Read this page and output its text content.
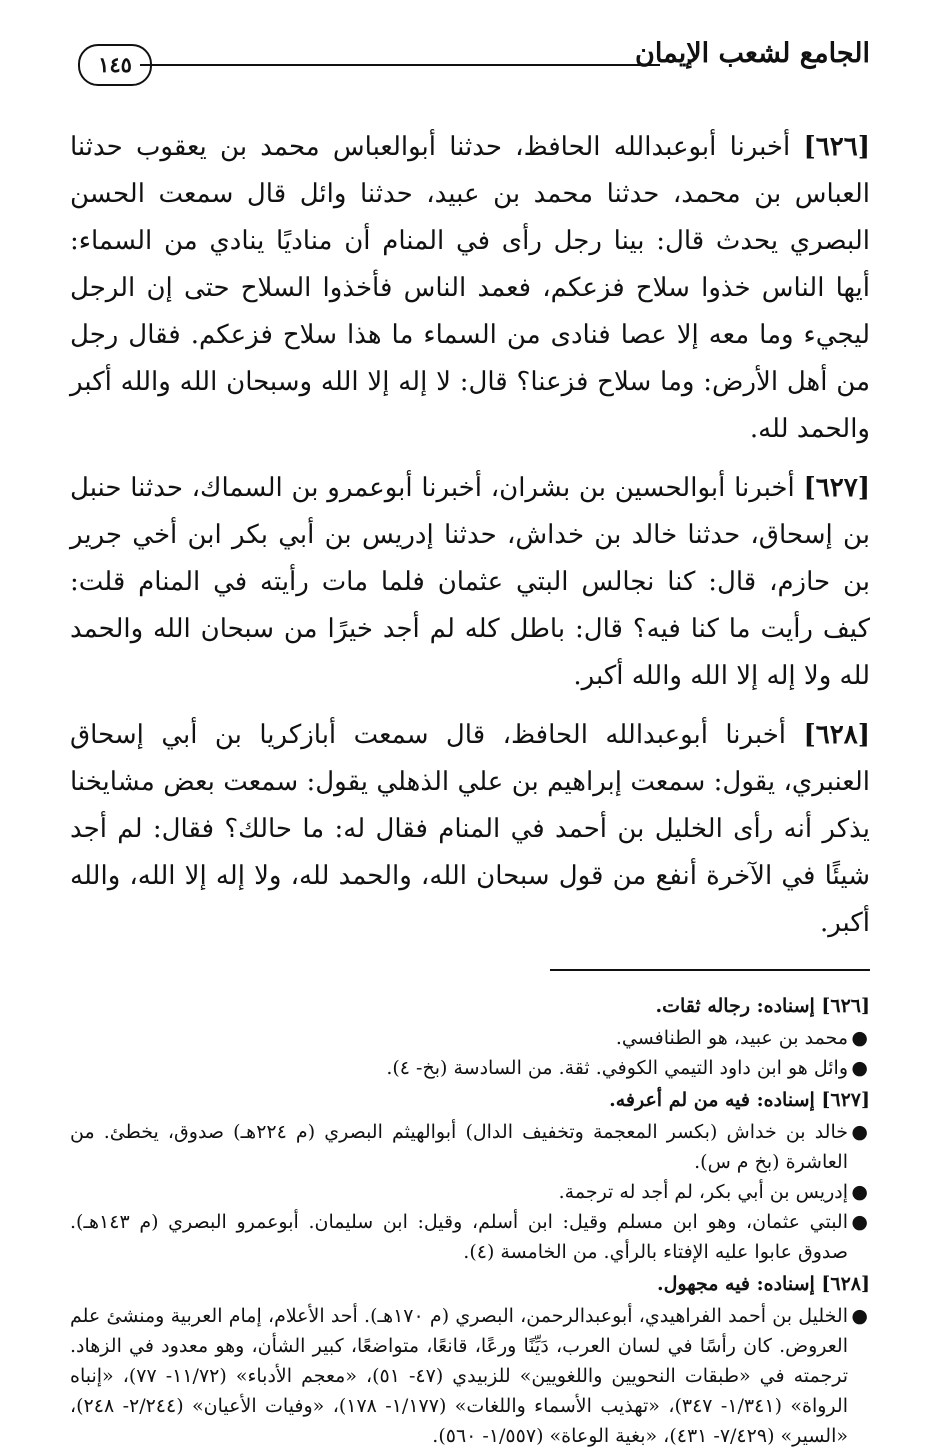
الجامع لشعب الإيمان
١٤٥

[٦٢٦] أخبرنا أبوعبدالله الحافظ، حدثنا أبوالعباس محمد بن يعقوب حدثنا العباس بن محمد، حدثنا محمد بن عبيد، حدثنا وائل قال سمعت الحسن البصري يحدث قال: بينا رجل رأى في المنام أن مناديًا ينادي من السماء: أيها الناس خذوا سلاح فزعكم، فعمد الناس فأخذوا السلاح حتى إن الرجل ليجيء وما معه إلا عصا فنادى من السماء ما هذا سلاح فزعكم. فقال رجل من أهل الأرض: وما سلاح فزعنا؟ قال: لا إله إلا الله وسبحان الله والله أكبر والحمد لله.

[٦٢٧] أخبرنا أبوالحسين بن بشران، أخبرنا أبوعمرو بن السماك، حدثنا حنبل بن إسحاق، حدثنا خالد بن خداش، حدثنا إدريس بن أبي بكر ابن أخي جرير بن حازم، قال: كنا نجالس البتي عثمان فلما مات رأيته في المنام قلت: كيف رأيت ما كنا فيه؟ قال: باطل كله لم أجد خيرًا من سبحان الله والحمد لله ولا إله إلا الله والله أكبر.

[٦٢٨] أخبرنا أبوعبدالله الحافظ، قال سمعت أبازكريا بن أبي إسحاق العنبري، يقول: سمعت إبراهيم بن علي الذهلي يقول: سمعت بعض مشايخنا يذكر أنه رأى الخليل بن أحمد في المنام فقال له: ما حالك؟ فقال: لم أجد شيئًا في الآخرة أنفع من قول سبحان الله، والحمد لله، ولا إله إلا الله، والله أكبر.

[٦٢٦] إسناده: رجاله ثقات.

●
محمد بن عبيد، هو الطنافسي.

●
وائل هو ابن داود التيمي الكوفي. ثقة. من السادسة (بخ- ٤).

[٦٢٧] إسناده: فيه من لم أعرفه.

●
خالد بن خداش (بكسر المعجمة وتخفيف الدال) أبوالهيثم البصري (م ٢٢٤هـ) صدوق، يخطئ. من العاشرة (بخ م س).

●
إدريس بن أبي بكر، لم أجد له ترجمة.

●
البتي عثمان، وهو ابن مسلم وقيل: ابن أسلم، وقيل: ابن سليمان. أبوعمرو البصري (م ١٤٣هـ). صدوق عابوا عليه الإفتاء بالرأي. من الخامسة (٤).

[٦٢٨] إسناده: فيه مجهول.

●
الخليل بن أحمد الفراهيدي، أبوعبدالرحمن، البصري (م ١٧٠هـ). أحد الأعلام، إمام العربية ومنشئ علم العروض. كان رأسًا في لسان العرب، دَيِّنًا ورعًا، قانعًا، متواضعًا، كبير الشأن، وهو معدود في الزهاد. ترجمته في «طبقات النحويين واللغويين» للزبيدي (٤٧- ٥١)، «معجم الأدباء» (١١/٧٢- ٧٧)، «إنباه الرواة» (١/٣٤١- ٣٤٧)، «تهذيب الأسماء واللغات» (١/١٧٧- ١٧٨)، «وفيات الأعيان» (٢/٢٤٤- ٢٤٨)، «السير» (٧/٤٢٩- ٤٣١)، «بغية الوعاة» (١/٥٥٧- ٥٦٠).
